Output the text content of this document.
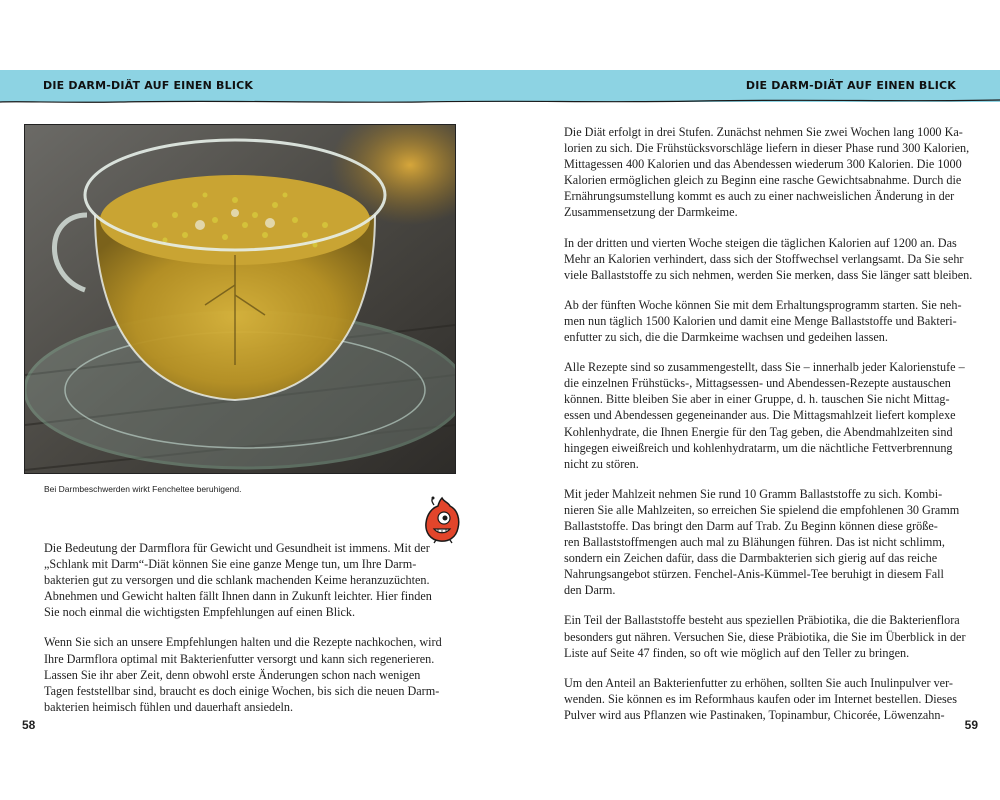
DIE DARM-DIÄT AUF EINEN BLICK	DIE DARM-DIÄT AUF EINEN BLICK
Bei Darmbeschwerden wirkt Fencheltee beruhigend.

Die Bedeutung der Darmflora für Gewicht und Gesundheit ist immens. Mit der
„Schlank mit Darm“-Diät können Sie eine ganze Menge tun, um Ihre Darm-
bakterien gut zu versorgen und die schlank machenden Keime heranzuzüchten.
Abnehmen und Gewicht halten fällt Ihnen dann in Zukunft leichter. Hier finden
Sie noch einmal die wichtigsten Empfehlungen auf einen Blick.

Wenn Sie sich an unsere Empfehlungen halten und die Rezepte nachkochen, wird
Ihre Darmflora optimal mit Bakterienfutter versorgt und kann sich regenerieren.
Lassen Sie ihr aber Zeit, denn obwohl erste Änderungen schon nach wenigen
Tagen feststellbar sind, braucht es doch einige Wochen, bis sich die neuen Darm-
bakterien heimisch fühlen und dauerhaft ansiedeln.

Die Diät erfolgt in drei Stufen. Zunächst nehmen Sie zwei Wochen lang 1000 Ka-
lorien zu sich. Die Frühstücksvorschläge liefern in dieser Phase rund 300 Kalorien,
Mittagessen 400 Kalorien und das Abendessen wiederum 300 Kalorien. Die 1000
Kalorien ermöglichen gleich zu Beginn eine rasche Gewichtsabnahme. Durch die
Ernährungsumstellung kommt es auch zu einer nachweislichen Änderung in der
Zusammensetzung der Darmkeime.

In der dritten und vierten Woche steigen die täglichen Kalorien auf 1200 an. Das
Mehr an Kalorien verhindert, dass sich der Stoffwechsel verlangsamt. Da Sie sehr
viele Ballaststoffe zu sich nehmen, werden Sie merken, dass Sie länger satt bleiben.

Ab der fünften Woche können Sie mit dem Erhaltungsprogramm starten. Sie neh-
men nun täglich 1500 Kalorien und damit eine Menge Ballaststoffe und Bakteri-
enfutter zu sich, die die Darmkeime wachsen und gedeihen lassen.

Alle Rezepte sind so zusammengestellt, dass Sie – innerhalb jeder Kalorienstufe –
die einzelnen Frühstücks-, Mittagsessen- und Abendessen-Rezepte austauschen
können. Bitte bleiben Sie aber in einer Gruppe, d. h. tauschen Sie nicht Mittag-
essen und Abendessen gegeneinander aus. Die Mittagsmahlzeit liefert komplexe
Kohlenhydrate, die Ihnen Energie für den Tag geben, die Abendmahlzeiten sind
hingegen eiweißreich und kohlenhydratarm, um die nächtliche Fettverbrennung
nicht zu stören.

Mit jeder Mahlzeit nehmen Sie rund 10 Gramm Ballaststoffe zu sich. Kombi-
nieren Sie alle Mahlzeiten, so erreichen Sie spielend die empfohlenen 30 Gramm
Ballaststoffe. Das bringt den Darm auf Trab. Zu Beginn können diese größe-
ren Ballaststoffmengen auch mal zu Blähungen führen. Das ist nicht schlimm,
sondern ein Zeichen dafür, dass die Darmbakterien sich gierig auf das reiche
Nahrungsangebot stürzen. Fenchel-Anis-Kümmel-Tee beruhigt in diesem Fall
den Darm.

Ein Teil der Ballaststoffe besteht aus speziellen Präbiotika, die die Bakterienflora
besonders gut nähren. Versuchen Sie, diese Präbiotika, die Sie im Überblick in der
Liste auf Seite 47 finden, so oft wie möglich auf den Teller zu bringen.

Um den Anteil an Bakterienfutter zu erhöhen, sollten Sie auch Inulinpulver ver-
wenden. Sie können es im Reformhaus kaufen oder im Internet bestellen. Dieses
Pulver wird aus Pflanzen wie Pastinaken, Topinambur, Chicorée, Löwenzahn-

58	59
